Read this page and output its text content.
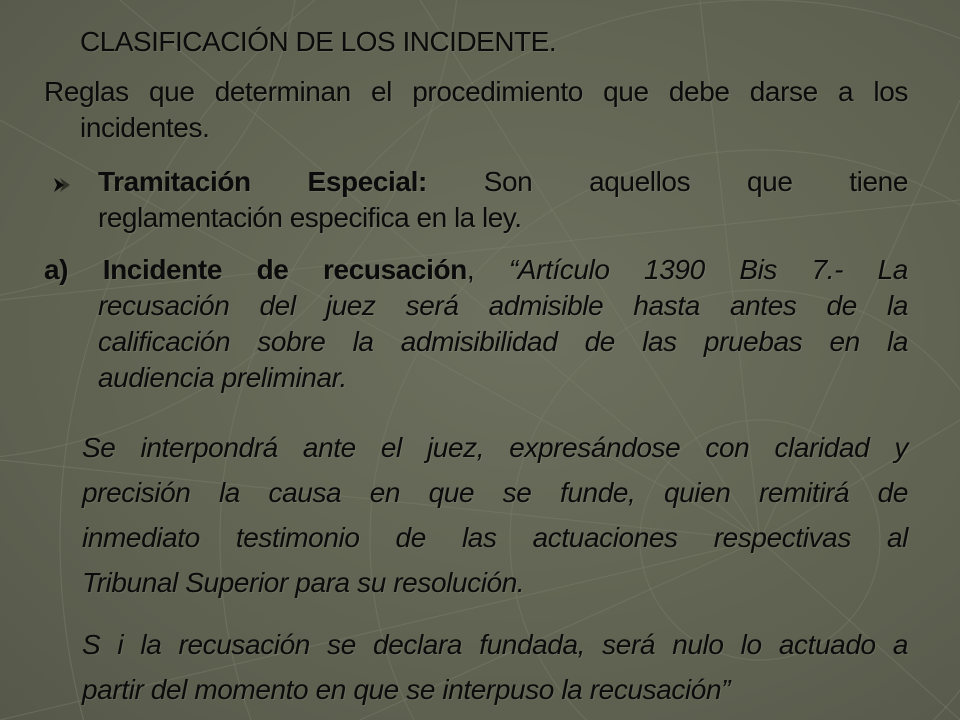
CLASIFICACIÓN DE LOS INCIDENTE.
Reglas que determinan el procedimiento que debe darse a los
incidentes.
Tramitación Especial: Son aquellos que tiene
reglamentación especifica en la ley.
a) Incidente de recusación, “Artículo 1390 Bis 7.- La
recusación del juez será admisible hasta antes de la
calificación sobre la admisibilidad de las pruebas en la
audiencia preliminar.
Se interpondrá ante el juez, expresándose con claridad y
precisión la causa en que se funde, quien remitirá de
inmediato testimonio de las actuaciones respectivas al
Tribunal Superior para su resolución.
S i la recusación se declara fundada, será nulo lo actuado a
partir del momento en que se interpuso la recusación”
